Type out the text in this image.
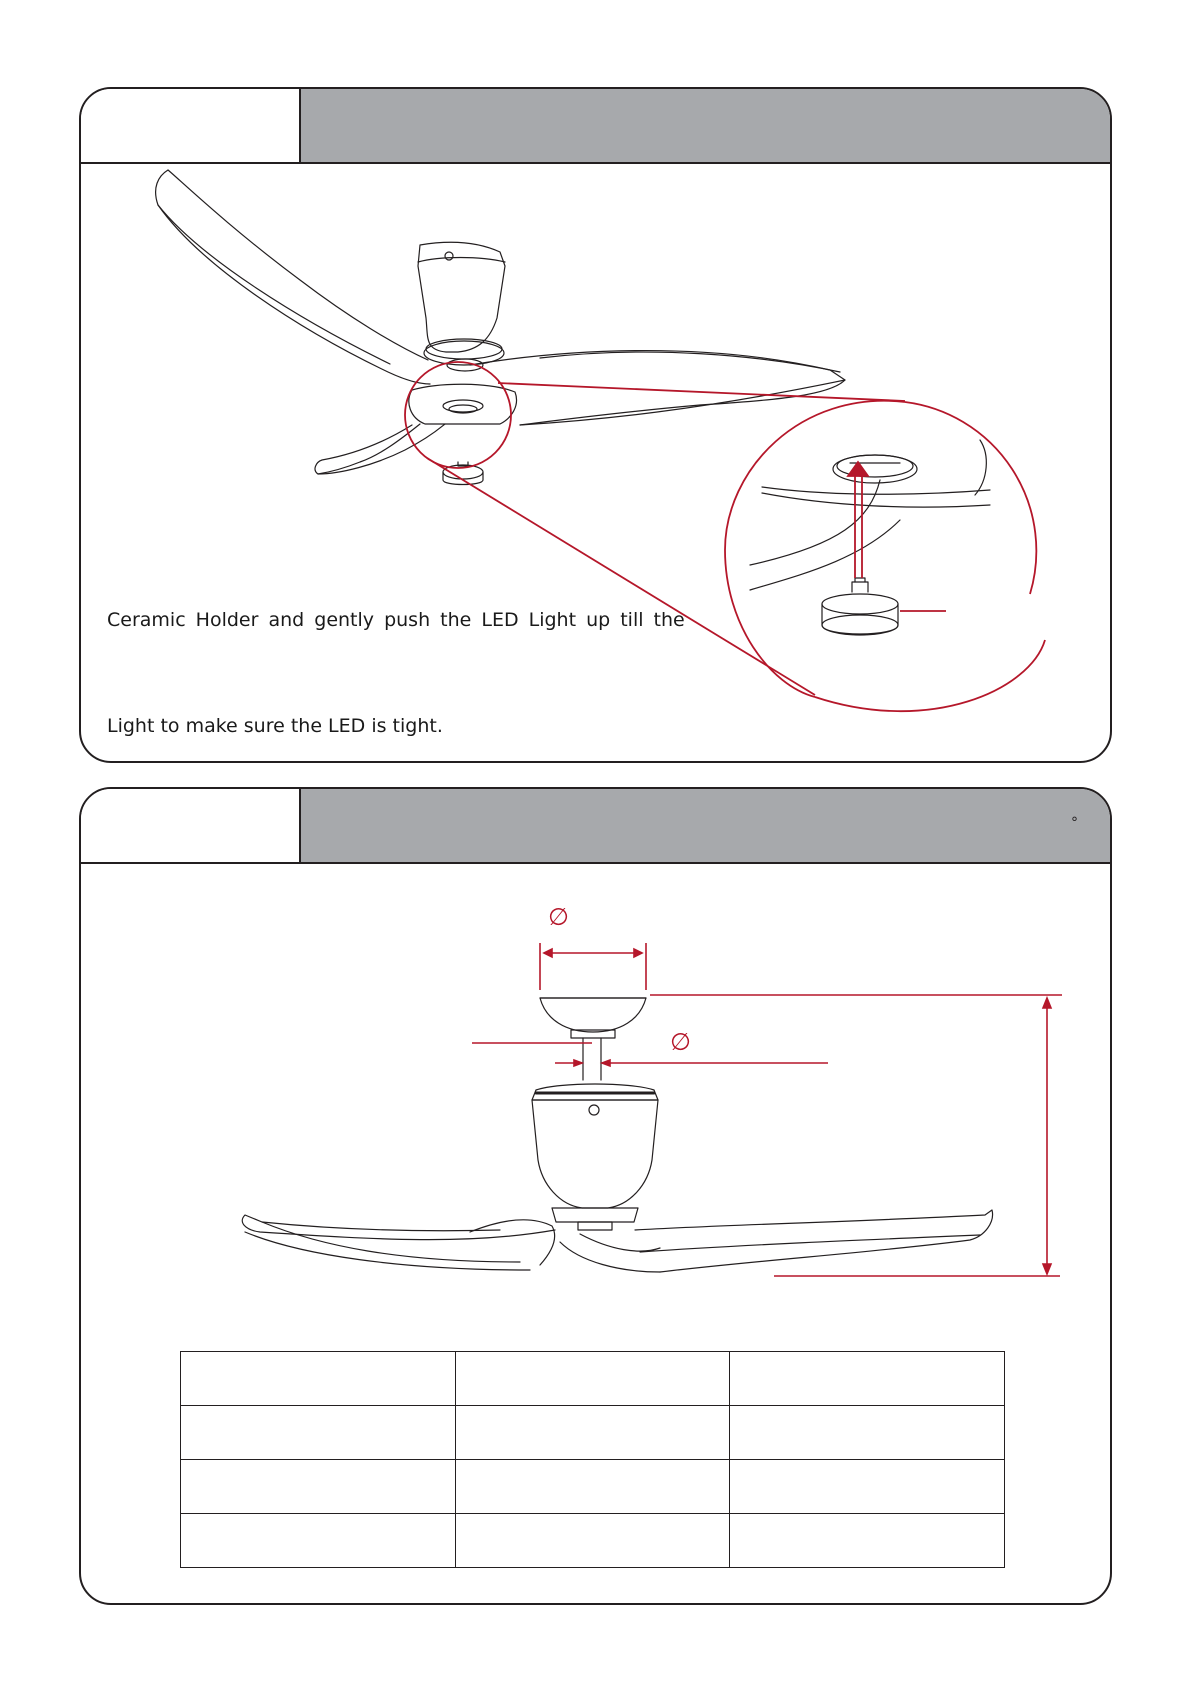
°
∅
∅
Ceramic Holder and gently push the LED Light up till the
Light to make sure the LED is tight.
